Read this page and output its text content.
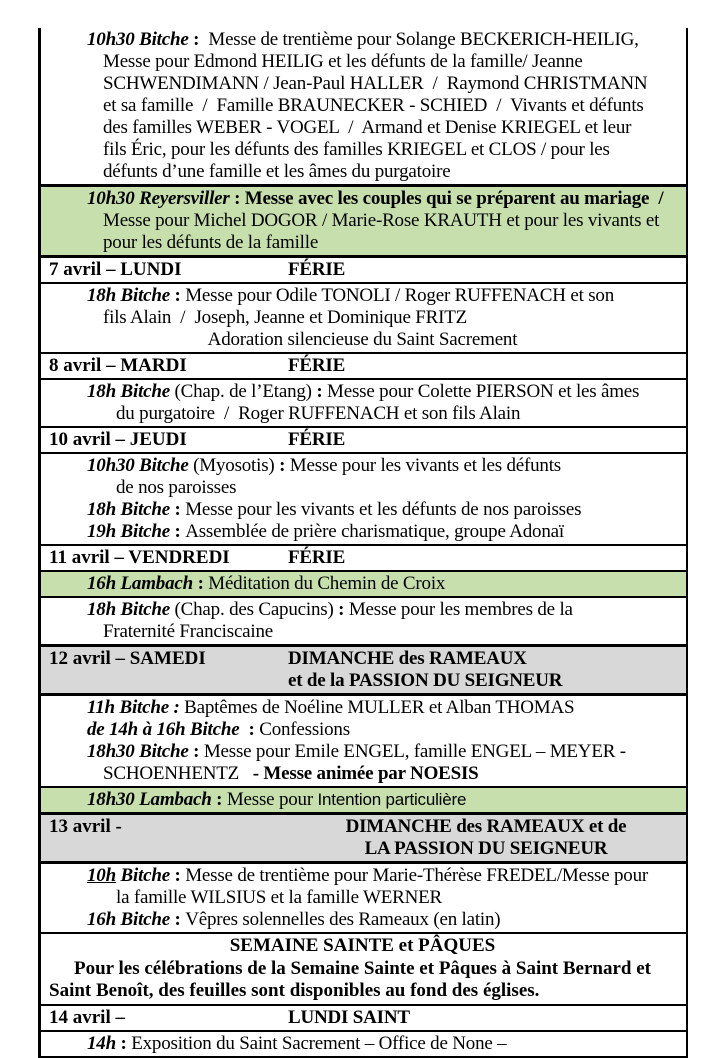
10h30 Bitche :  Messe de trentième pour Solange BECKERICH-HEILIG,
Messe pour Edmond HEILIG et les défunts de la famille/ Jeanne
SCHWENDIMANN / Jean-Paul HALLER  /  Raymond CHRISTMANN
et sa famille  /  Famille BRAUNECKER - SCHIED  /  Vivants et défunts
des familles WEBER - VOGEL  /  Armand et Denise KRIEGEL et leur
fils Éric, pour les défunts des familles KRIEGEL et CLOS / pour les
défunts d’une famille et les âmes du purgatoire
10h30 Reyersviller : Messe avec les couples qui se préparent au mariage  /
Messe pour Michel DOGOR / Marie-Rose KRAUTH et pour les vivants et
pour les défunts de la famille
7 avril – LUNDI	FÉRIE
18h Bitche : Messe pour Odile TONOLI / Roger RUFFENACH et son
fils Alain  /  Joseph, Jeanne et Dominique FRITZ
Adoration silencieuse du Saint Sacrement
8 avril – MARDI	FÉRIE
18h Bitche (Chap. de l’Etang) : Messe pour Colette PIERSON et les âmes
du purgatoire  /  Roger RUFFENACH et son fils Alain
10 avril – JEUDI	FÉRIE
10h30 Bitche (Myosotis) : Messe pour les vivants et les défunts
de nos paroisses
18h Bitche : Messe pour les vivants et les défunts de nos paroisses
19h Bitche : Assemblée de prière charismatique, groupe Adonaï
11 avril – VENDREDI	FÉRIE
16h Lambach : Méditation du Chemin de Croix
18h Bitche (Chap. des Capucins) : Messe pour les membres de la
Fraternité Franciscaine
12 avril – SAMEDI	DIMANCHE des RAMEAUX
et de la PASSION DU SEIGNEUR
11h Bitche : Baptêmes de Noéline MULLER et Alban THOMAS
de 14h à 16h Bitche  : Confessions
18h30 Bitche : Messe pour Emile ENGEL, famille ENGEL – MEYER -
SCHOENHENTZ   - Messe animée par NOESIS
18h30 Lambach : Messe pour Intention particulière
13 avril -	DIMANCHE des RAMEAUX et de
LA PASSION DU SEIGNEUR
10h Bitche : Messe de trentième pour Marie-Thérèse FREDEL/Messe pour
la famille WILSIUS et la famille WERNER
16h Bitche : Vêpres solennelles des Rameaux (en latin)
SEMAINE SAINTE et PÂQUES
Pour les célébrations de la Semaine Sainte et Pâques à Saint Bernard et
Saint Benoît, des feuilles sont disponibles au fond des églises.
14 avril –	LUNDI SAINT
14h : Exposition du Saint Sacrement – Office de None –
